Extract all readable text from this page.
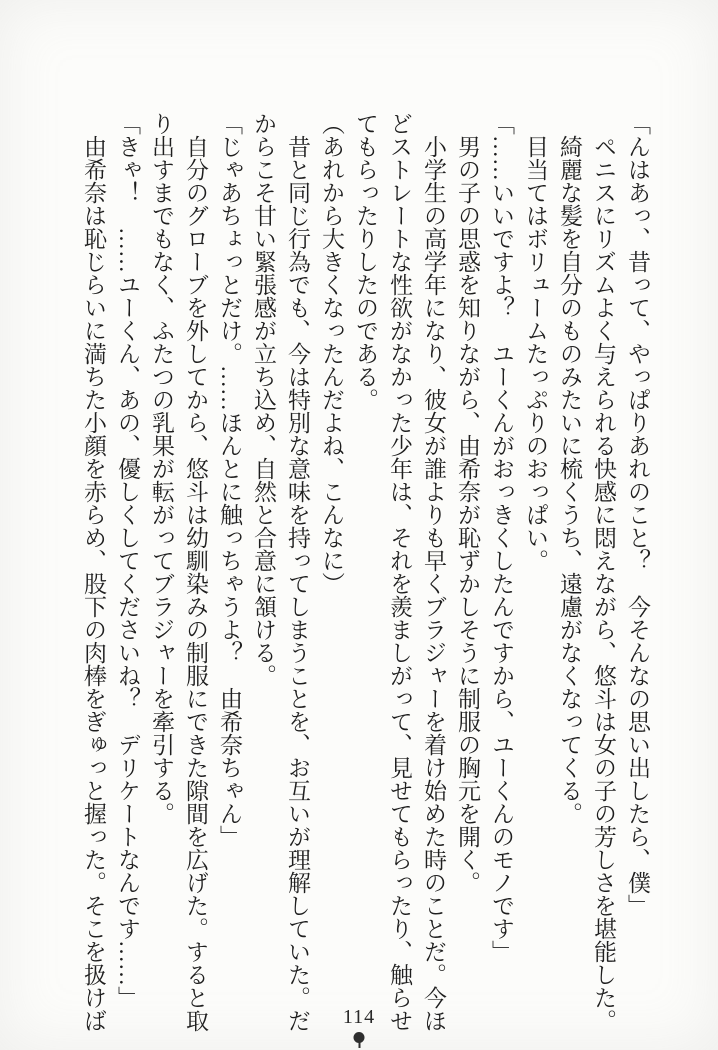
「んはあっ、昔って、やっぱりあれのこと？　今そんなの思い出したら、僕」

ペニスにリズムよく与えられる快感に悶えながら、悠斗は女の子の芳しさを堪能した。

綺麗な髪を自分のものみたいに梳くうち、遠慮がなくなってくる。

目当てはボリュームたっぷりのおっぱい。

「……いいですよ？　ユーくんがおっきくしたんですから、ユーくんのモノです」

男の子の思惑を知りながら、由希奈が恥ずかしそうに制服の胸元を開く。

小学生の高学年になり、彼女が誰よりも早くブラジャーを着け始めた時のことだ。今ほどストレートな性欲がなかった少年は、それを羨ましがって、見せてもらったり、触らせてもらったりしたのである。

（あれから大きくなったんだよね、こんなに）

昔と同じ行為でも、今は特別な意味を持ってしまうことを、お互いが理解していた。だからこそ甘い緊張感が立ち込め、自然と合意に頷ける。

「じゃあちょっとだけ。……ほんとに触っちゃうよ？　由希奈ちゃん」

自分のグローブを外してから、悠斗は幼馴染みの制服にできた隙間を広げた。すると取り出すまでもなく、ふたつの乳果が転がってブラジャーを牽引する。

「きゃ！　……ユーくん、あの、優しくしてくださいね？　デリケートなんです……」

由希奈は恥じらいに満ちた小顔を赤らめ、股下の肉棒をぎゅっと握った。そこを扱けば	114
